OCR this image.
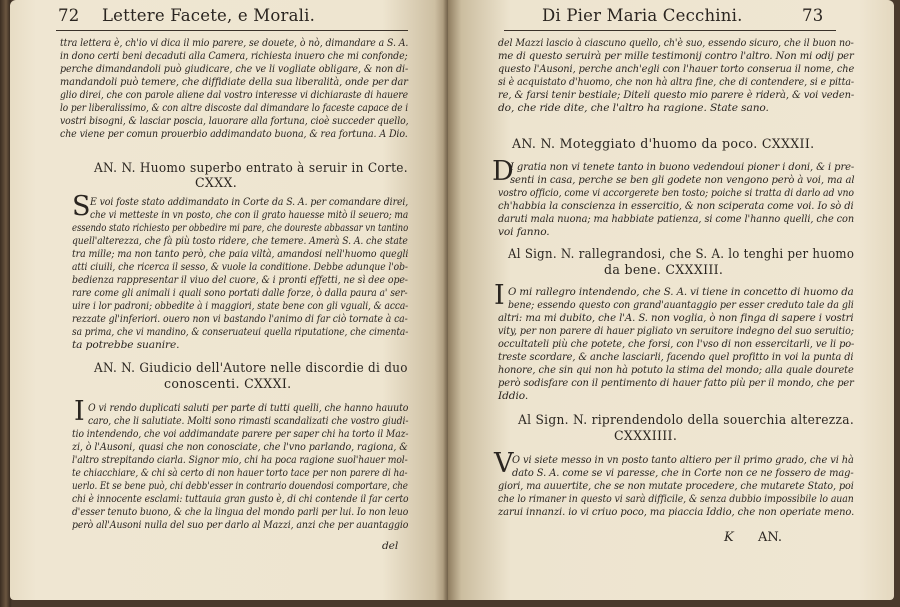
72 Lettere Facete, e Morali.
ttra lettera è, ch'io vi dica il mio parere, se douete, ò nò, dimandare a S. A.
in dono certi beni decaduti alla Camera, richiesta inuero che mi confonde;
perche dimandandoli può giudicare, che ve li vogliate obligare, & non di-
mandandoli può temere, che diffidiate della sua liberalità, onde per dar
glio direi, che con parole aliene dal vostro interesse vi dichiaraste di hauere
lo per liberalissimo, & con altre discoste dal dimandare lo faceste capace de i
vostri bisogni, & lasciar poscia, lauorare alla fortuna, cioè succeder quello,
che viene per comun prouerbio addimandato buona, & rea fortuna. A Dio.
AN. N. Huomo superbo entrato à seruir in Corte.
CXXX.
S E voi foste stato addimandato in Corte da S. A. per comandare direi,
che vi metteste in vn posto, che con il grato hauesse mitò il seuero; ma
essendo stato richiesto per obbedire mi pare, che doureste abbassar vn tantino
quell'alterezza, che fà più tosto ridere, che temere. Amerà S. A. che state
tra mille; ma non tanto però, che paia viltà, amandosi nell'huomo quegli
atti ciuili, che ricerca il sesso, & vuole la conditione. Debbe adunque l'ob-
bedienza rappresentar il viuo del cuore, & i pronti effetti, ne sì dee ope-
rare come gli animali i quali sono portati dalle forze, ò dalla paura a' ser-
uire i lor padroni; obbedite à i maggiori, state bene con gli vguali, & acca-
rezzate gl'inferiori. ouero non vi bastando l'animo di far ciò tornate à ca-
sa prima, che vi mandino, & conseruateui quella riputatione, che cimenta-
ta potrebbe suanire.
AN. N. Giudicio dell'Autore nelle discordie di duo
conoscenti. CXXXI.
I O vi rendo duplicati saluti per parte di tutti quelli, che hanno hauuto
caro, che li salutiate. Molti sono rimasti scandalizati che vostro giudi-
tio intendendo, che voi addimandate parere per saper chi ha torto il Maz-
zi, ò l'Ausoni, quasi che non conosciate, che l'vno parlando, ragiona, &
l'altro strepitando ciarla. Signor mio, chi ha poca ragione suol'hauer mol-
te chiacchiare, & chi sà certo di non hauer torto tace per non parere di ha-
uerlo. Et se bene può, chi debb'esser in contrario douendosi comportare, che
chi è innocente esclami: tuttauia gran gusto è, di chi contende il far certo
d'esser tenuto buono, & che la lingua del mondo parli per lui. Io non leuo
però all'Ausoni nulla del suo per darlo al Mazzi, anzi che per auantaggio
del
Di Pier Maria Cecchini.	73
del Mazzi lascio à ciascuno quello, ch'è suo, essendo sicuro, che il buon no-
me di questo seruirà per mille testimonij contro l'altro. Non mi odij per
questo l'Ausoni, perche anch'egli con l'hauer torto conserua il nome, che
si è acquistato d'huomo, che non hà altra fine, che di contendere, si e pitta-
re, & farsi tenir bestiale; Diteli questo mio parere è riderà, & voi veden-
do, che ride dite, che l'altro ha ragione. State sano.
AN. N. Moteggiato d'huomo da poco. CXXXII.
D
I gratia non vi tenete tanto in buono vedendoui pioner i doni, & i pre-
senti in casa, perche se ben gli godete non vengono però à voi, ma al
vostro officio, come vi accorgerete ben tosto; poiche si tratta di darlo ad vno
ch'habbia la conscienza in essercitio, & non sciperata come voi. Io sò di
daruti mala nuona; ma habbiate patienza, si come l'hanno quelli, che con
voi fanno.
Al Sign. N. rallegrandosi, che S. A. lo tenghi per huomo
da bene. CXXXIII.
I O mi rallegro intendendo, che S. A. vi tiene in concetto di huomo da
bene; essendo questo con grand'auantaggio per esser creduto tale da gli
altri: ma mi dubito, che l'A. S. non voglia, ò non finga di sapere i vostri
vity, per non parere di hauer pigliato vn seruitore indegno del suo seruitio;
occultateli più che potete, che forsi, con l'vso di non essercitarli, ve li po-
treste scordare, & anche lasciarli, facendo quel profitto in voi la punta di
honore, che sin qui non hà potuto la stima del mondo; alla quale dourete
però sodisfare con il pentimento di hauer fatto più per il mondo, che per
Iddio.
Al Sign. N. riprendendolo della souerchia alterezza.
CXXXIIII.
V
O vi siete messo in vn posto tanto altiero per il primo grado, che vi hà
dato S. A. come se vi paresse, che in Corte non ce ne fossero de mag-
giori, ma auuertite, che se non mutate procedere, che mutarete Stato, poi
che lo rimaner in questo vi sarà difficile, & senza dubbio impossibile lo auan
zarui innanzi. io vi criuo poco, ma piaccia Iddio, che non operiate meno.
K AN.
